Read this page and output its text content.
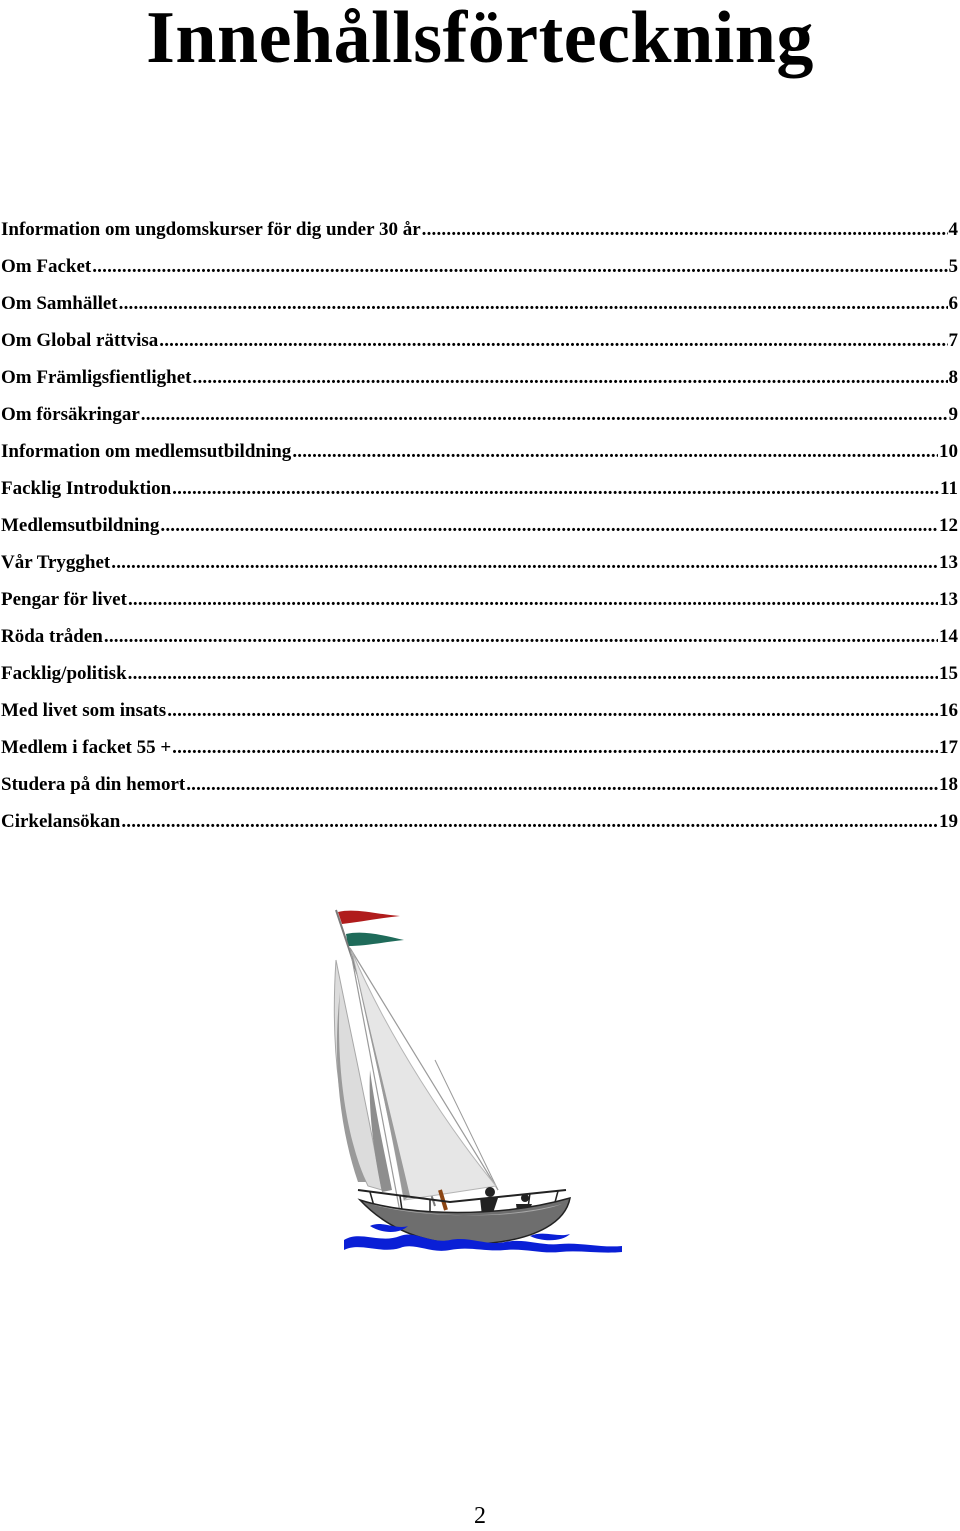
Innehållsförteckning
Information om ungdomskurser för dig under 30 år .....	4
Om Facket .....	5
Om Samhället .....	6
Om Global rättvisa .....	7
Om Främligsfientlighet .....	8
Om försäkringar .....	9
Information om medlemsutbildning .....	10
Facklig Introduktion .....	11
Medlemsutbildning .....	12
Vår Trygghet .....	13
Pengar för livet .....	13
Röda tråden .....	14
Facklig/politisk .....	15
Med livet som insats .....	16
Medlem i facket 55 + .....	17
Studera på din hemort .....	18
Cirkelansökan .....	19
2
